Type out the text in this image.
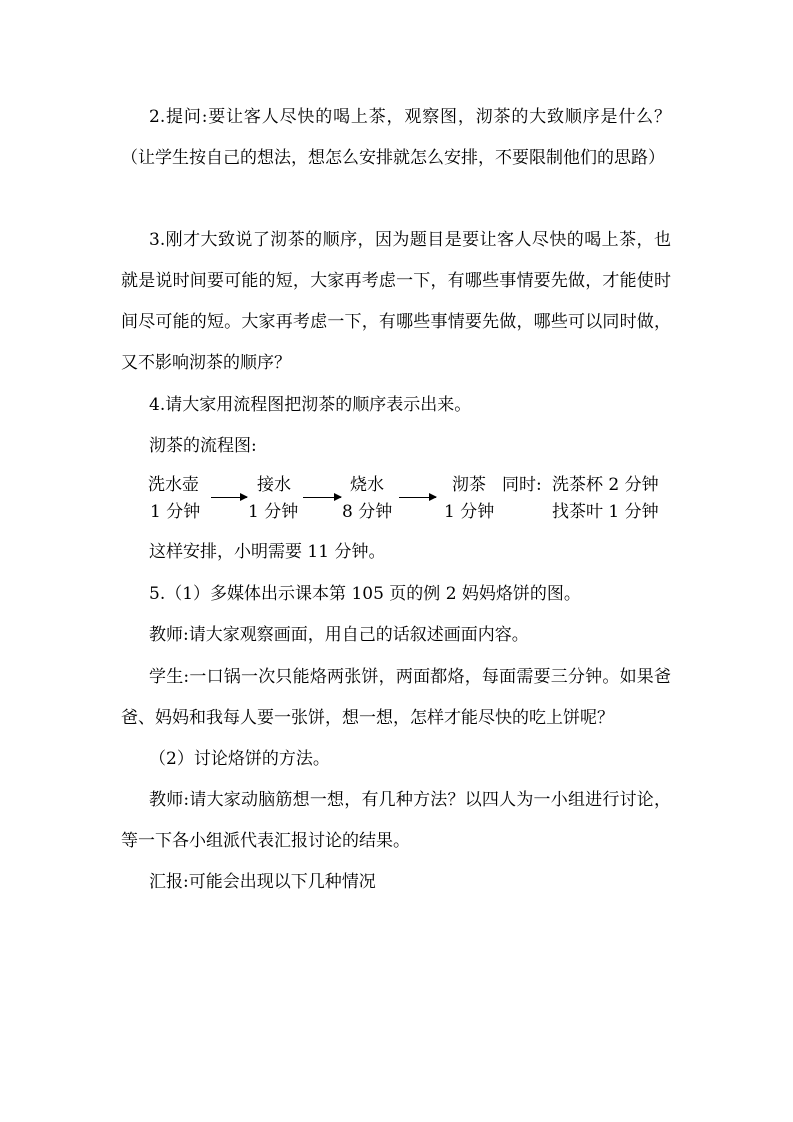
2.提问:要让客人尽快的喝上茶，观察图，沏茶的大致顺序是什么？（让学生按自己的想法，想怎么安排就怎么安排，不要限制他们的思路）
3.刚才大致说了沏茶的顺序，因为题目是要让客人尽快的喝上茶，也就是说时间要可能的短，大家再考虑一下，有哪些事情要先做，才能使时间尽可能的短。大家再考虑一下，有哪些事情要先做，哪些可以同时做，又不影响沏茶的顺序？
4.请大家用流程图把沏茶的顺序表示出来。
沏茶的流程图:
洗水壶
1 分钟
接水
1 分钟
烧水
8 分钟
沏茶
1 分钟
同时: 洗茶杯 2 分钟
找茶叶 1 分钟
这样安排，小明需要 11 分钟。
5.（1）多媒体出示课本第 105 页的例 2 妈妈烙饼的图。
教师:请大家观察画面，用自己的话叙述画面内容。
学生:一口锅一次只能烙两张饼，两面都烙，每面需要三分钟。如果爸爸、妈妈和我每人要一张饼，想一想，怎样才能尽快的吃上饼呢？
（2）讨论烙饼的方法。
教师:请大家动脑筋想一想，有几种方法？以四人为一小组进行讨论，等一下各小组派代表汇报讨论的结果。
汇报:可能会出现以下几种情况
